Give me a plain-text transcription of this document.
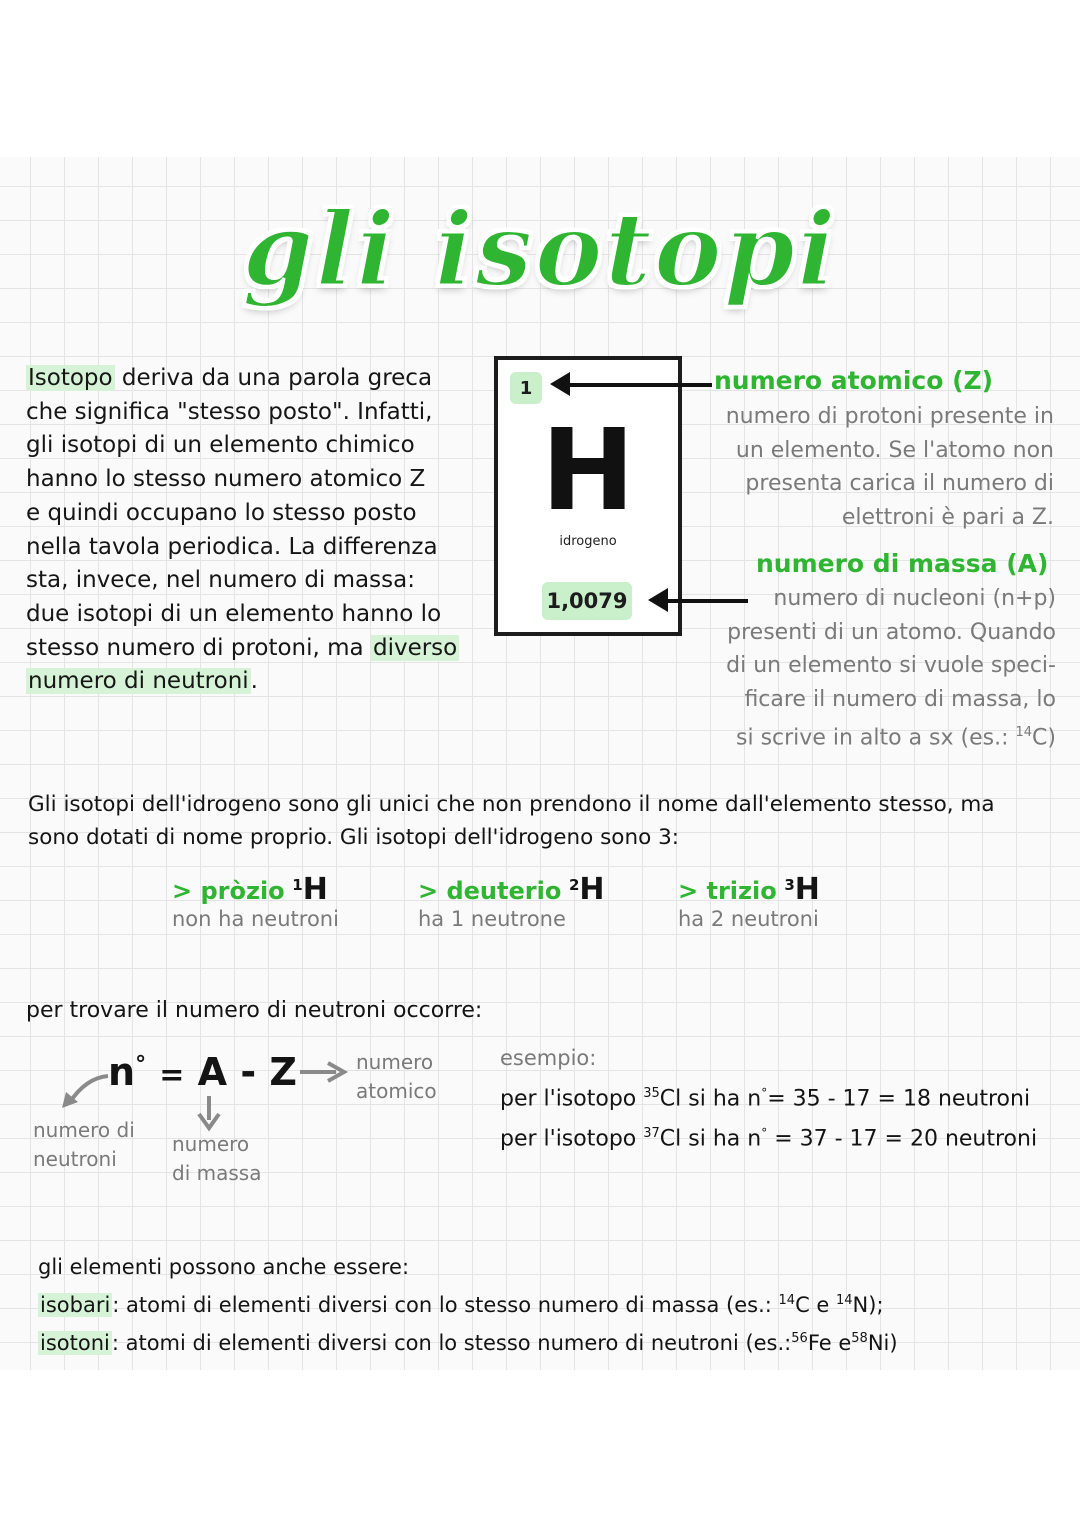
gli isotopi
Isotopo deriva da una parola greca
che significa "stesso posto". Infatti,
gli isotopi di un elemento chimico
hanno lo stesso numero atomico Z
e quindi occupano lo stesso posto
nella tavola periodica. La differenza
sta, invece, nel numero di massa:
due isotopi di un elemento hanno lo
stesso numero di protoni, ma diverso
numero di neutroni.
1
H
idrogeno
1,0079
numero atomico (Z)
numero di protoni presente in
un elemento. Se l'atomo non
presenta carica il numero di
elettroni è pari a Z.
numero di massa (A)
numero di nucleoni (n+p)
presenti di un atomo. Quando
di un elemento si vuole speci-
ficare il numero di massa, lo
si scrive in alto a sx (es.: $^{14}$C)
Gli isotopi dell'idrogeno sono gli unici che non prendono il nome dall'elemento stesso, ma
sono dotati di nome proprio. Gli isotopi dell'idrogeno sono 3:
> pròzio $^1$H
non ha neutroni
> deuterio $^2$H
ha 1 neutrone
> trizio $^3$H
ha 2 neutroni
per trovare il numero di neutroni occorre:
n° = A - Z
numero di
neutroni
numero
di massa
numero
atomico
esempio:
per l'isotopo $^{35}$Cl si ha n°= 35 - 17 = 18 neutroni
per l'isotopo $^{37}$Cl si ha n° = 37 - 17 = 20 neutroni
gli elementi possono anche essere:
isobari: atomi di elementi diversi con lo stesso numero di massa (es.: $^{14}$C e $^{14}$N);
isotoni: atomi di elementi diversi con lo stesso numero di neutroni (es.:$^{56}$Fe $e^{58}Ni$)
